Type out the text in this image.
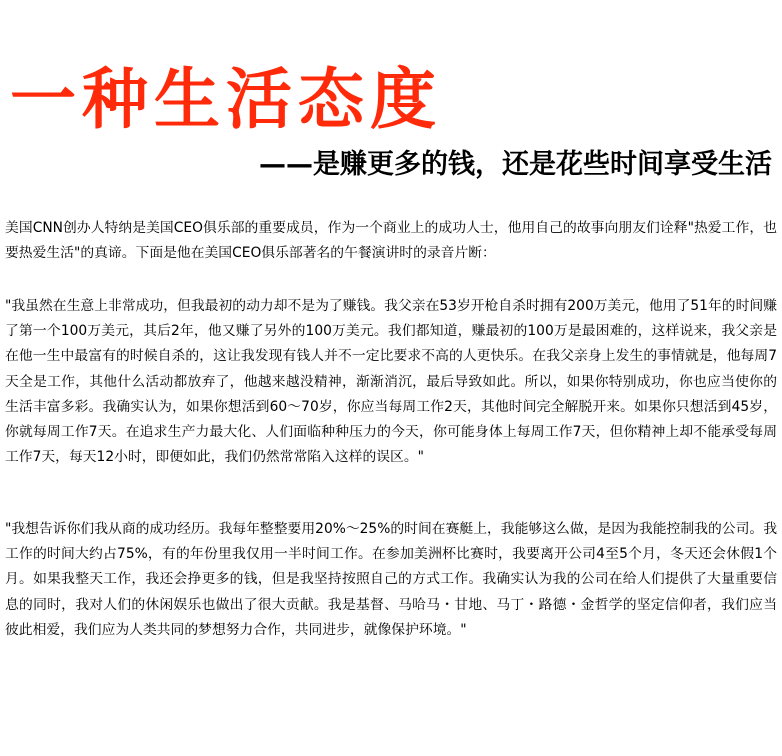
一种生活态度
——是赚更多的钱，还是花些时间享受生活

美国CNN创办人特纳是美国CEO俱乐部的重要成员，作为一个商业上的成功人士，他用自己的故事向朋友们诠释"热爱工作，也要热爱生活"的真谛。下面是他在美国CEO俱乐部著名的午餐演讲时的录音片断：

"我虽然在生意上非常成功，但我最初的动力却不是为了赚钱。我父亲在53岁开枪自杀时拥有200万美元，他用了51年的时间赚了第一个100万美元，其后2年，他又赚了另外的100万美元。我们都知道，赚最初的100万是最困难的，这样说来，我父亲是在他一生中最富有的时候自杀的，这让我发现有钱人并不一定比要求不高的人更快乐。在我父亲身上发生的事情就是，他每周7天全是工作，其他什么活动都放弃了，他越来越没精神，渐渐消沉，最后导致如此。所以，如果你特别成功，你也应当使你的生活丰富多彩。我确实认为，如果你想活到60～70岁，你应当每周工作2天，其他时间完全解脱开来。如果你只想活到45岁，你就每周工作7天。在追求生产力最大化、人们面临种种压力的今天，你可能身体上每周工作7天，但你精神上却不能承受每周工作7天，每天12小时，即便如此，我们仍然常常陷入这样的误区。"

"我想告诉你们我从商的成功经历。我每年整整要用20%～25%的时间在赛艇上，我能够这么做，是因为我能控制我的公司。我工作的时间大约占75%，有的年份里我仅用一半时间工作。在参加美洲杯比赛时，我要离开公司4至5个月，冬天还会休假1个月。如果我整天工作，我还会挣更多的钱，但是我坚持按照自己的方式工作。我确实认为我的公司在给人们提供了大量重要信息的同时，我对人们的休闲娱乐也做出了很大贡献。我是基督、马哈马・甘地、马丁・路德・金哲学的坚定信仰者，我们应当彼此相爱，我们应为人类共同的梦想努力合作，共同进步，就像保护环境。"
